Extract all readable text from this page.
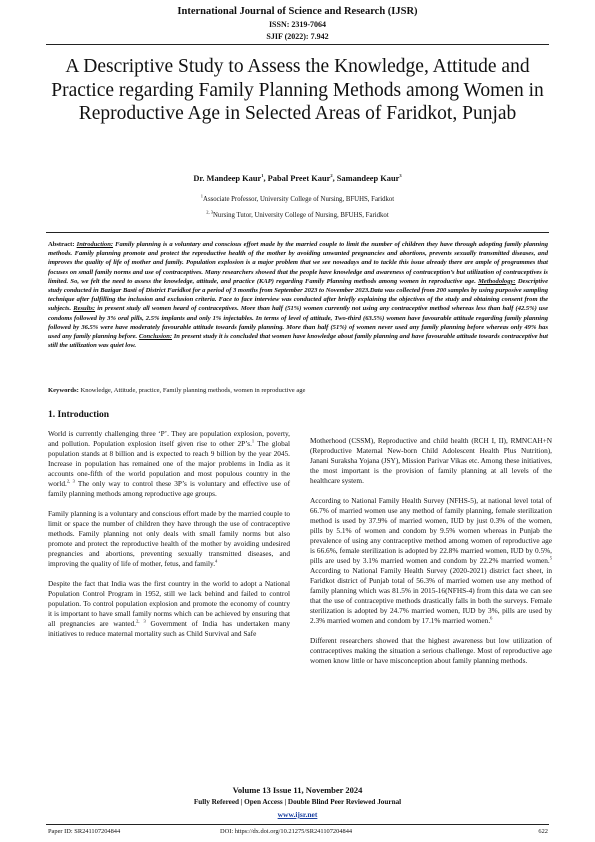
International Journal of Science and Research (IJSR)
ISSN: 2319-7064
SJIF (2022): 7.942
A Descriptive Study to Assess the Knowledge, Attitude and Practice regarding Family Planning Methods among Women in Reproductive Age in Selected Areas of Faridkot, Punjab
Dr. Mandeep Kaur$^1$, Pabal Preet Kaur$^2$, Samandeep Kaur$^3$
$^1$Associate Professor, University College of Nursing, BFUHS, Faridkot
$^{2, 3}$Nursing Tutor, University College of Nursing, BFUHS, Faridkot
Abstract: Introduction: Family planning is a voluntary and conscious effort made by the married couple to limit the number of children they have through adopting family planning methods. Family planning promote and protect the reproductive health of the mother by avoiding unwanted pregnancies and abortions, prevents sexually transmitted diseases, and improves the quality of life of mother and family. Population explosion is a major problem that we see nowadays and to tackle this issue already there are ample of programmes that focuses on small family norms and use of contraceptives. Many researchers showed that the people have knowledge and awareness of contraception’s but utilization of contraceptives is limited. So, we felt the need to assess the knowledge, attitude, and practice (KAP) regarding Family Planning methods among women in reproductive age. Methodology: Descriptive study conducted in Bazigar Basti of District Faridkot for a period of 3 months from September 2023 to November 2023.Data was collected from 200 samples by using purposive sampling technique after fulfilling the inclusion and exclusion criteria. Face to face interview was conducted after briefly explaining the objectives of the study and obtaining consent from the subjects. Results: in present study all women heard of contraceptives. More than half (51%) women currently not using any contraceptive method whereas less than half (42.5%) use condoms followed by 3% oral pills, 2.5% implants and only 1% injectables. In terms of level of attitude, Two-third (63.5%) women have favourable attitude regarding family planning followed by 36.5% were have moderately favourable attitude towards family planning. More than half (51%) of women never used any family planning before whereas only 49% has used any family planning before. Conclusion: In present study it is concluded that women have knowledge about family planning and have favourable attitude towards contraceptive but still the utilization was quiet low.
Keywords: Knowledge, Attitude, practice, Family planning methods, women in reproductive age
1. Introduction

World is currently challenging three ‘P’. They are population explosion, poverty, and pollution. Population explosion itself given rise to other 2P’s.$^1$ The global population stands at 8 billion and is expected to reach 9 billion by the year 2045. Increase in population has remained one of the major problems in India as it accounts one-fifth of the world population and most populous country in the world.$^{2, 3}$ The only way to control these 3P’s is voluntary and effective use of family planning methods among reproductive age groups.

Family planning is a voluntary and conscious effort made by the married couple to limit or space the number of children they have through the use of contraceptive methods. Family planning not only deals with small family norms but also promote and protect the reproductive health of the mother by avoiding undesired pregnancies and abortions, preventing sexually transmitted diseases, and improving the quality of life of mother, fetus, and family.$^4$

Despite the fact that India was the first country in the world to adopt a National Population Control Program in 1952, still we lack behind and failed to control population. To control population explosion and promote the economy of country it is important to have small family norms which can be achieved by ensuring that all pregnancies are wanted.$^{2, 3}$ Government of India has undertaken many initiatives to reduce maternal mortality such as Child Survival and Safe

Motherhood (CSSM), Reproductive and child health (RCH I, II), RMNCAH+N (Reproductive Maternal New-born Child Adolescent Health Plus Nutrition), Janani Suraksha Yojana (JSY), Mission Parivar Vikas etc. Among these initiatives, the most important is the provision of family planning at all levels of the healthcare system.

According to National Family Health Survey (NFHS-5), at national level total of 66.7% of married women use any method of family planning, female sterilization method is used by 37.9% of married women, IUD by just 0.3% of the women, pills by 5.1% of women and condom by 9.5% women whereas in Punjab the prevalence of using any contraceptive method among women of reproductive age is 66.6%, female sterilization is adopted by 22.8% married women, IUD by 0.5%, pills are used by 3.1% married women and condom by 22.2% married women.$^5$ According to National Family Health Survey (2020-2021) district fact sheet, in Faridkot district of Punjab total of 56.3% of married women use any method of family planning which was 81.5% in 2015-16(NFHS-4) from this data we can see that the use of contraceptive methods drastically falls in both the surveys. Female sterilization is adopted by 24.7% married women, IUD by 3%, pills are used by 2.3% married women and condom by 17.1% married women.$^6$

Different researchers showed that the highest awareness but low utilization of contraceptives making the situation a serious challenge. Most of reproductive age women know little or have misconception about family planning methods.

Volume 13 Issue 11, November 2024
Fully Refereed | Open Access | Double Blind Peer Reviewed Journal
www.ijsr.net
Paper ID: SR241107204844	DOI: https://dx.doi.org/10.21275/SR241107204844	622
